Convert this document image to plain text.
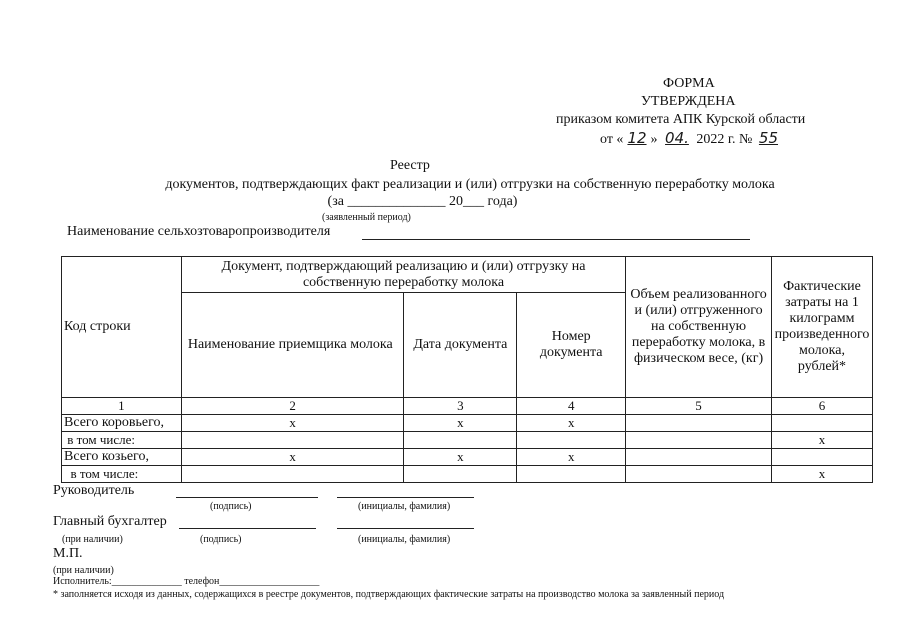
ФОРМА
УТВЕРЖДЕНА
приказом комитета АПК Курской области
от « 12 » 04. 2022 г. № 55
Реестр
документов, подтверждающих факт реализации и (или) отгрузки на собственную переработку молока
(за ______________ 20___ года)
(заявленный период)
Наименование сельхозтоваропроизводителя
Код строки	Документ, подтверждающий реализацию и (или) отгрузку на собственную переработку молока			Объем реализованного и (или) отгруженного на собственную переработку молока, в физическом весе, (кг)	Фактические затраты на 1 килограмм произведенного молока, рублей*
	Наименование приемщика молока	Дата документа	Номер документа		
1	2	3	4	5	6
Всего коровьего,	х	х	х		
в том числе:					х
Всего козьего,	х	х	х		
в том числе:					х
Руководитель
(подпись)	(инициалы, фамилия)
Главный бухгалтер
(при наличии)	(подпись)	(инициалы, фамилия)
М.П.
(при наличии)
Исполнитель:______________ телефон____________________
* заполняется исходя из данных, содержащихся в реестре документов, подтверждающих фактические затраты на производство молока за заявленный период
